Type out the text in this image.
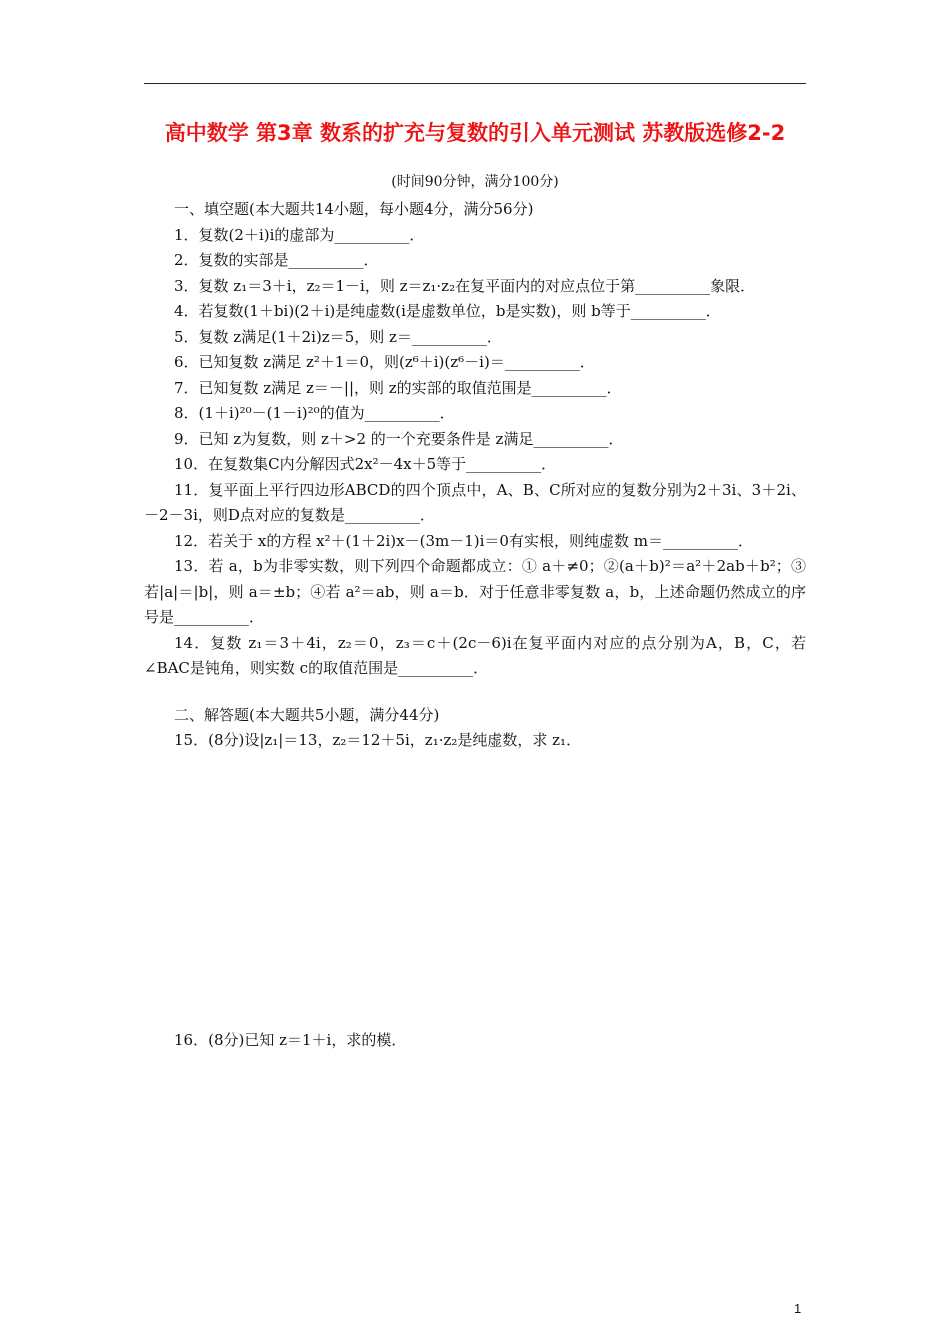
高中数学 第3章 数系的扩充与复数的引入单元测试 苏教版选修2-2
(时间90分钟，满分100分)
一、填空题(本大题共14小题，每小题4分，满分56分)
1．复数(2＋i)i的虚部为__________．
2．复数的实部是__________．
3．复数 z₁＝3＋i，z₂＝1－i，则 z＝z₁·z₂在复平面内的对应点位于第__________象限．
4．若复数(1＋bi)(2＋i)是纯虚数(i是虚数单位，b是实数)，则 b等于__________．
5．复数 z满足(1＋2i)z＝5，则 z＝__________．
6．已知复数 z满足 z²＋1＝0，则(z⁶＋i)(z⁶－i)＝__________．
7．已知复数 z满足 z＝－||，则 z的实部的取值范围是__________．
8．(1＋i)²⁰－(1－i)²⁰的值为__________．
9．已知 z为复数，则 z＋>2 的一个充要条件是 z满足__________．
10．在复数集C内分解因式2x²－4x＋5等于__________．
11．复平面上平行四边形ABCD的四个顶点中，A、B、C所对应的复数分别为2＋3i、3＋2i、－2－3i，则D点对应的复数是__________．
12．若关于 x的方程 x²＋(1＋2i)x－(3m－1)i＝0有实根，则纯虚数 m＝__________．
13．若 a，b为非零实数，则下列四个命题都成立：① a＋≠0；②(a＋b)²＝a²＋2ab＋b²；③若|a|＝|b|，则 a＝±b；④若 a²＝ab，则 a＝b．对于任意非零复数 a，b，上述命题仍然成立的序号是__________．
14．复数 z₁＝3＋4i，z₂＝0，z₃＝c＋(2c－6)i在复平面内对应的点分别为A，B，C，若∠BAC是钝角，则实数 c的取值范围是__________．
二、解答题(本大题共5小题，满分44分)
15．(8分)设|z₁|＝13，z₂＝12＋5i，z₁·z₂是纯虚数，求 z₁．
16．(8分)已知 z＝1＋i，求的模．
1
